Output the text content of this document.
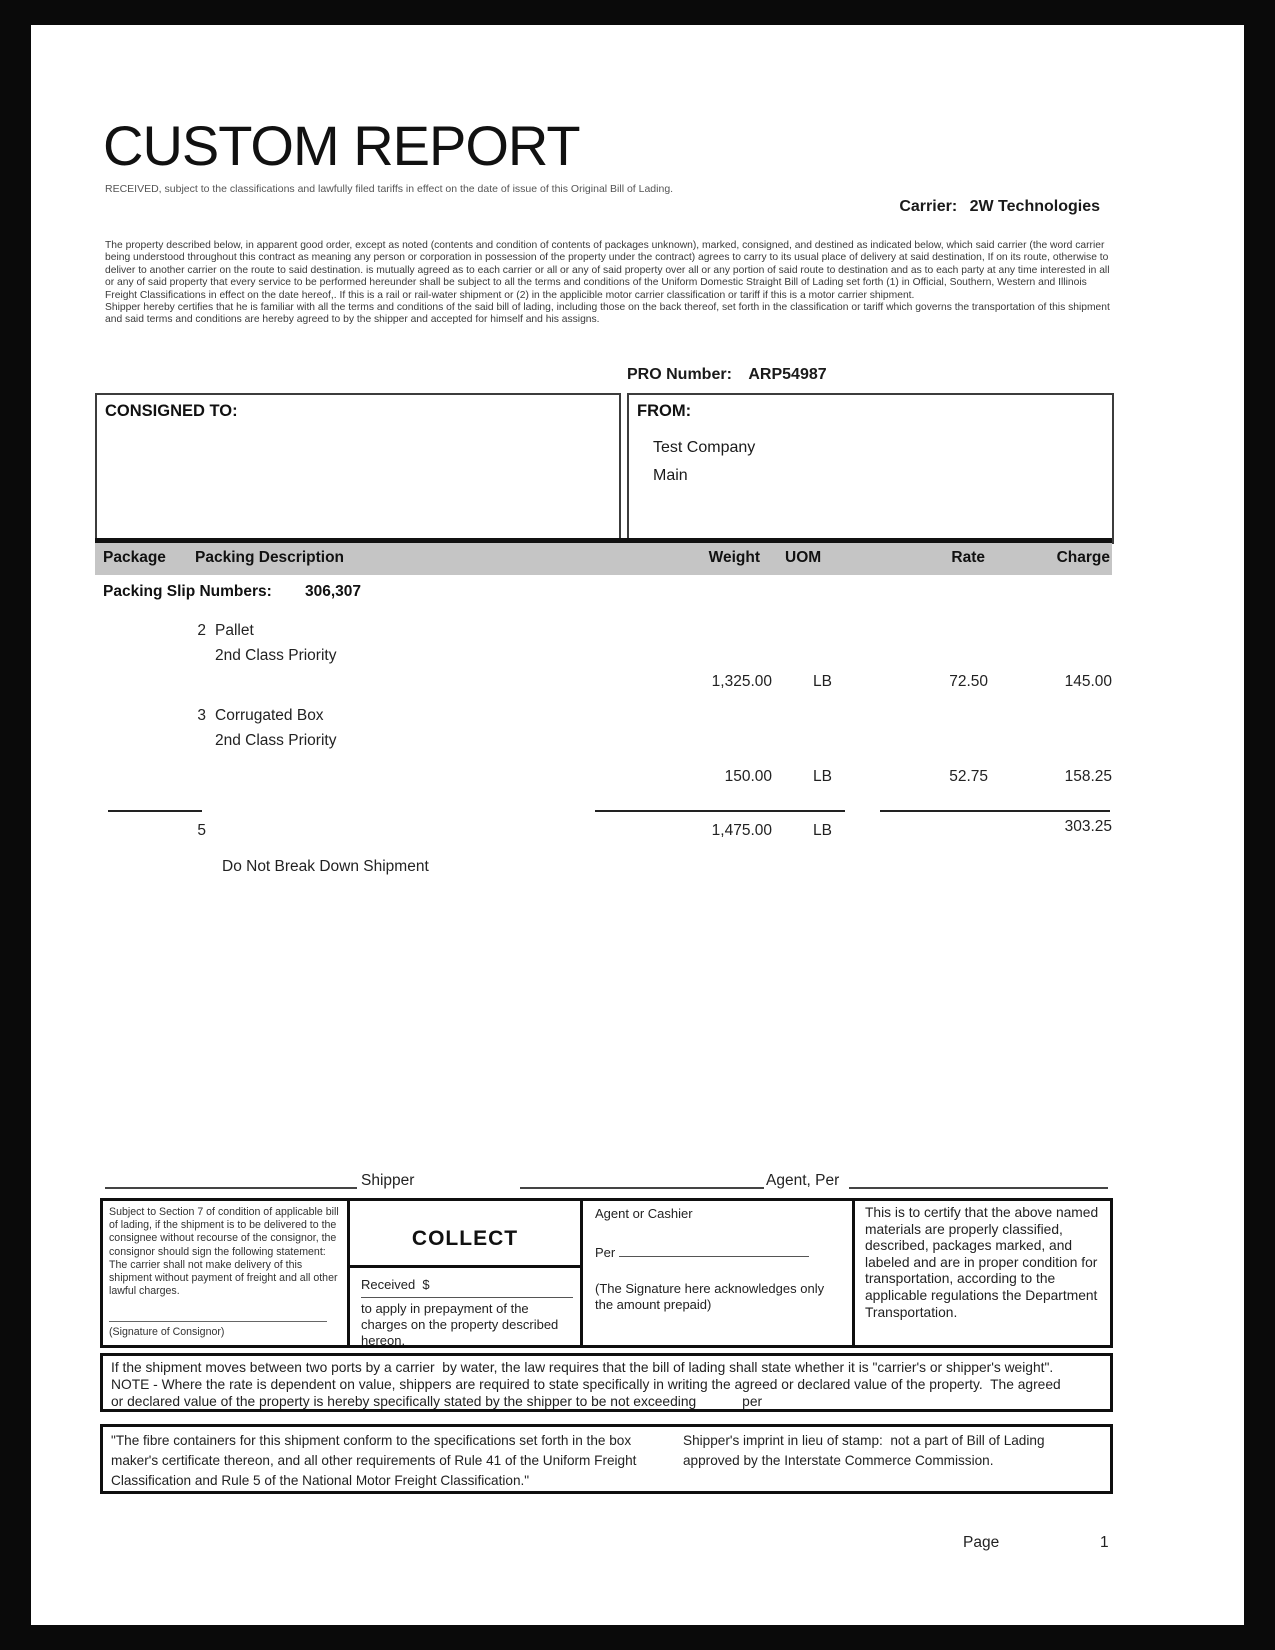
CUSTOM REPORT
RECEIVED, subject to the classifications and lawfully filed tariffs in effect on the date of issue of this Original Bill of Lading.
Carrier: 2W Technologies
The property described below, in apparent good order, except as noted (contents and condition of contents of packages unknown), marked, consigned, and destined as indicated below, which said carrier (the word carrier being understood throughout this contract as meaning any person or corporation in possession of the property under the contract) agrees to carry to its usual place of delivery at said destination, If on its route, otherwise to deliver to another carrier on the route to said destination. is mutually agreed as to each carrier or all or any of said property over all or any portion of said route to destination and as to each party at any time interested in all or any of said property that every service to be performed hereunder shall be subject to all the terms and conditions of the Uniform Domestic Straight Bill of Lading set forth (1) in Official, Southern, Western and Illinois Freight Classifications in effect on the date hereof,. If this is a rail or rail-water shipment or (2) in the applicible motor carrier classification or tariff if this is a motor carrier shipment.
Shipper hereby certifies that he is familiar with all the terms and conditions of the said bill of lading, including those on the back thereof, set forth in the classification or tariff which governs the transportation of this shipment and said terms and conditions are hereby agreed to by the shipper and accepted for himself and his assigns.
PRO Number: ARP54987
CONSIGNED TO:	FROM:
Test Company
Main
Package Packing Description	Weight UOM	Rate	Charge
Packing Slip Numbers: 306,307
2 Pallet
2nd Class Priority
1,325.00	LB	72.50	145.00
3 Corrugated Box
2nd Class Priority
150.00	LB	52.75	158.25
5	1,475.00	LB	303.25
Do Not Break Down Shipment
Shipper	Agent, Per
Subject to Section 7 of condition of applicable bill of lading, if the shipment is to be delivered to the consignee without recourse of the consignor, the consignor should sign the following statement:
The carrier shall not make delivery of this shipment without payment of freight and all other lawful charges.
(Signature of Consignor)
COLLECT
Received  $
to apply in prepayment of the charges on the property described hereon.
Agent or Cashier
Per
(The Signature here acknowledges only the amount prepaid)
This is to certify that the above named materials are properly classified, described, packages marked, and labeled and are in proper condition for transportation, according to the applicable regulations the Department Transportation.
If the shipment moves between two ports by a carrier  by water, the law requires that the bill of lading shall state whether it is "carrier's or shipper's weight".
NOTE - Where the rate is dependent on value, shippers are required to state specifically in writing the agreed or declared value of the property.  The agreed
or declared value of the property is hereby specifically stated by the shipper to be not exceeding            per
"The fibre containers for this shipment conform to the specifications set forth in the box maker's certificate thereon, and all other requirements of Rule 41 of the Uniform Freight Classification and Rule 5 of the National Motor Freight Classification."
Shipper's imprint in lieu of stamp:  not a part of Bill of Lading approved by the Interstate Commerce Commission.
Page	1
